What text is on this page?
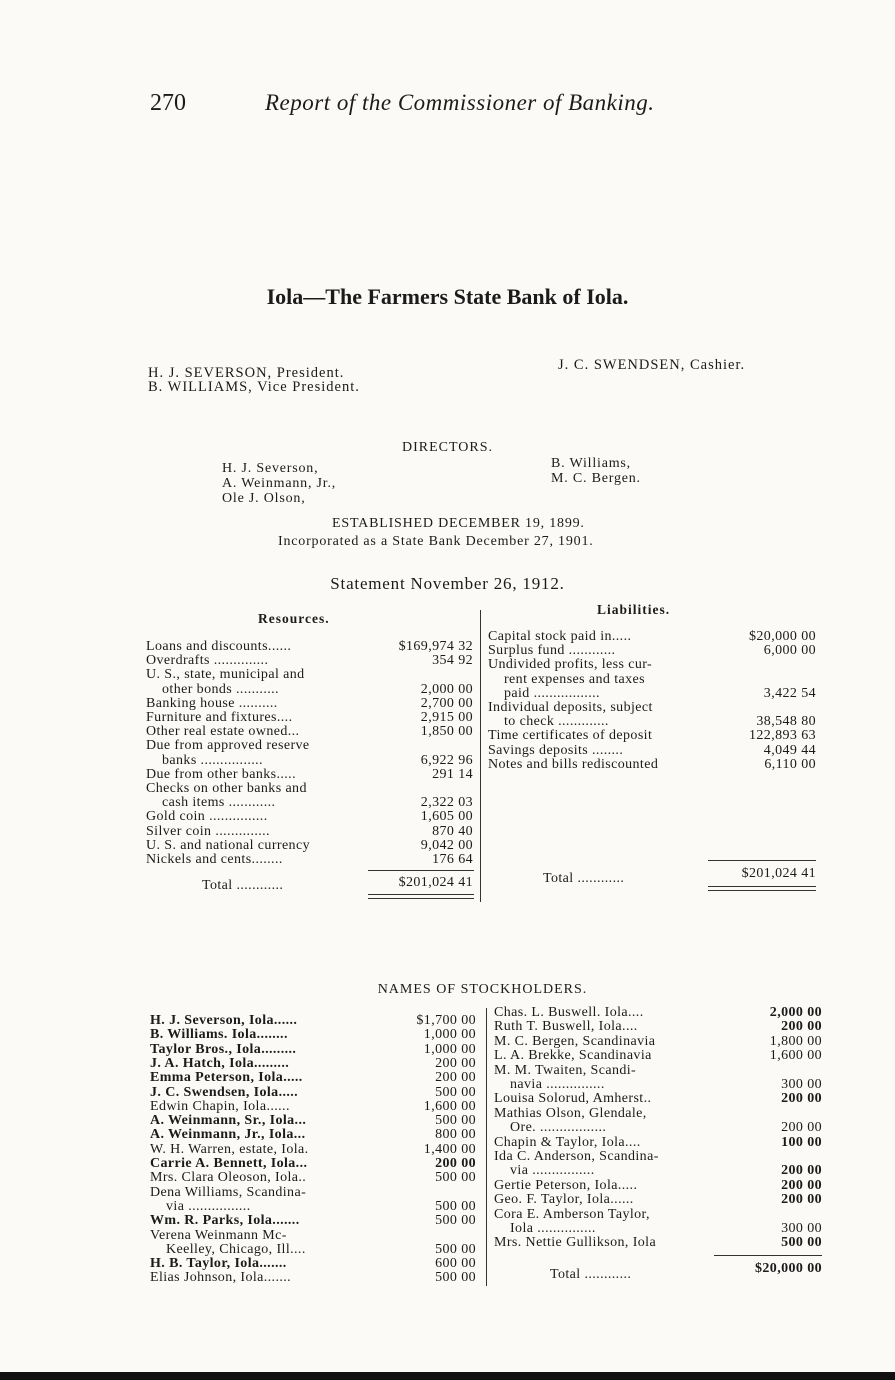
270	Report of the Commissioner of Banking.
Iola—The Farmers State Bank of Iola.
H. J. SEVERSON, President.
B. WILLIAMS, Vice President.
J. C. SWENDSEN, Cashier.
DIRECTORS.
H. J. Severson,
A. Weinmann, Jr.,
Ole J. Olson,
B. Williams,
M. C. Bergen.
ESTABLISHED DECEMBER 19, 1899.
Incorporated as a State Bank December 27, 1901.
Statement November 26, 1912.
Resources.
Liabilities.
Loans and discounts......	$169,974 32
Overdrafts ..............	354 92
U. S., state, municipal and
other bonds ...........	2,000 00
Banking house ..........	2,700 00
Furniture and fixtures....	2,915 00
Other real estate owned...	1,850 00
Due from approved reserve
banks ................	6,922 96
Due from other banks.....	291 14
Checks on other banks and
cash items ............	2,322 03
Gold coin ...............	1,605 00
Silver coin ..............	870 40
U. S. and national currency	9,042 00
Nickels and cents........	176 64
Capital stock paid in.....	$20,000 00
Surplus fund ............	6,000 00
Undivided profits, less cur-
rent expenses and taxes
paid .................	3,422 54
Individual deposits, subject
to check .............	38,548 80
Time certificates of deposit	122,893 63
Savings deposits ........	4,049 44
Notes and bills rediscounted	6,110 00
Total ............	$201,024 41	Total ............	$201,024 41
NAMES OF STOCKHOLDERS.
H. J. Severson, Iola......	$1,700 00
B. Williams. Iola........	1,000 00
Taylor Bros., Iola.........	1,000 00
J. A. Hatch, Iola.........	200 00
Emma Peterson, Iola.....	200 00
J. C. Swendsen, Iola.....	500 00
Edwin Chapin, Iola......	1,600 00
A. Weinmann, Sr., Iola...	500 00
A. Weinmann, Jr., Iola...	800 00
W. H. Warren, estate, Iola.	1,400 00
Carrie A. Bennett, Iola...	200 00
Mrs. Clara Oleoson, Iola..	500 00
Dena Williams, Scandina-
via ................	500 00
Wm. R. Parks, Iola.......	500 00
Verena Weinmann Mc-
Keelley, Chicago, Ill....	500 00
H. B. Taylor, Iola.......	600 00
Elias Johnson, Iola.......	500 00
Chas. L. Buswell. Iola....	2,000 00
Ruth T. Buswell, Iola....	200 00
M. C. Bergen, Scandinavia	1,800 00
L. A. Brekke, Scandinavia	1,600 00
M. M. Twaiten, Scandi-
navia ...............	300 00
Louisa Solorud, Amherst..	200 00
Mathias Olson, Glendale,
Ore. .................	200 00
Chapin & Taylor, Iola....	100 00
Ida C. Anderson, Scandina-
via ................	200 00
Gertie Peterson, Iola.....	200 00
Geo. F. Taylor, Iola......	200 00
Cora E. Amberson Taylor,
Iola ...............	300 00
Mrs. Nettie Gullikson, Iola	500 00
Total ............	$20,000 00
